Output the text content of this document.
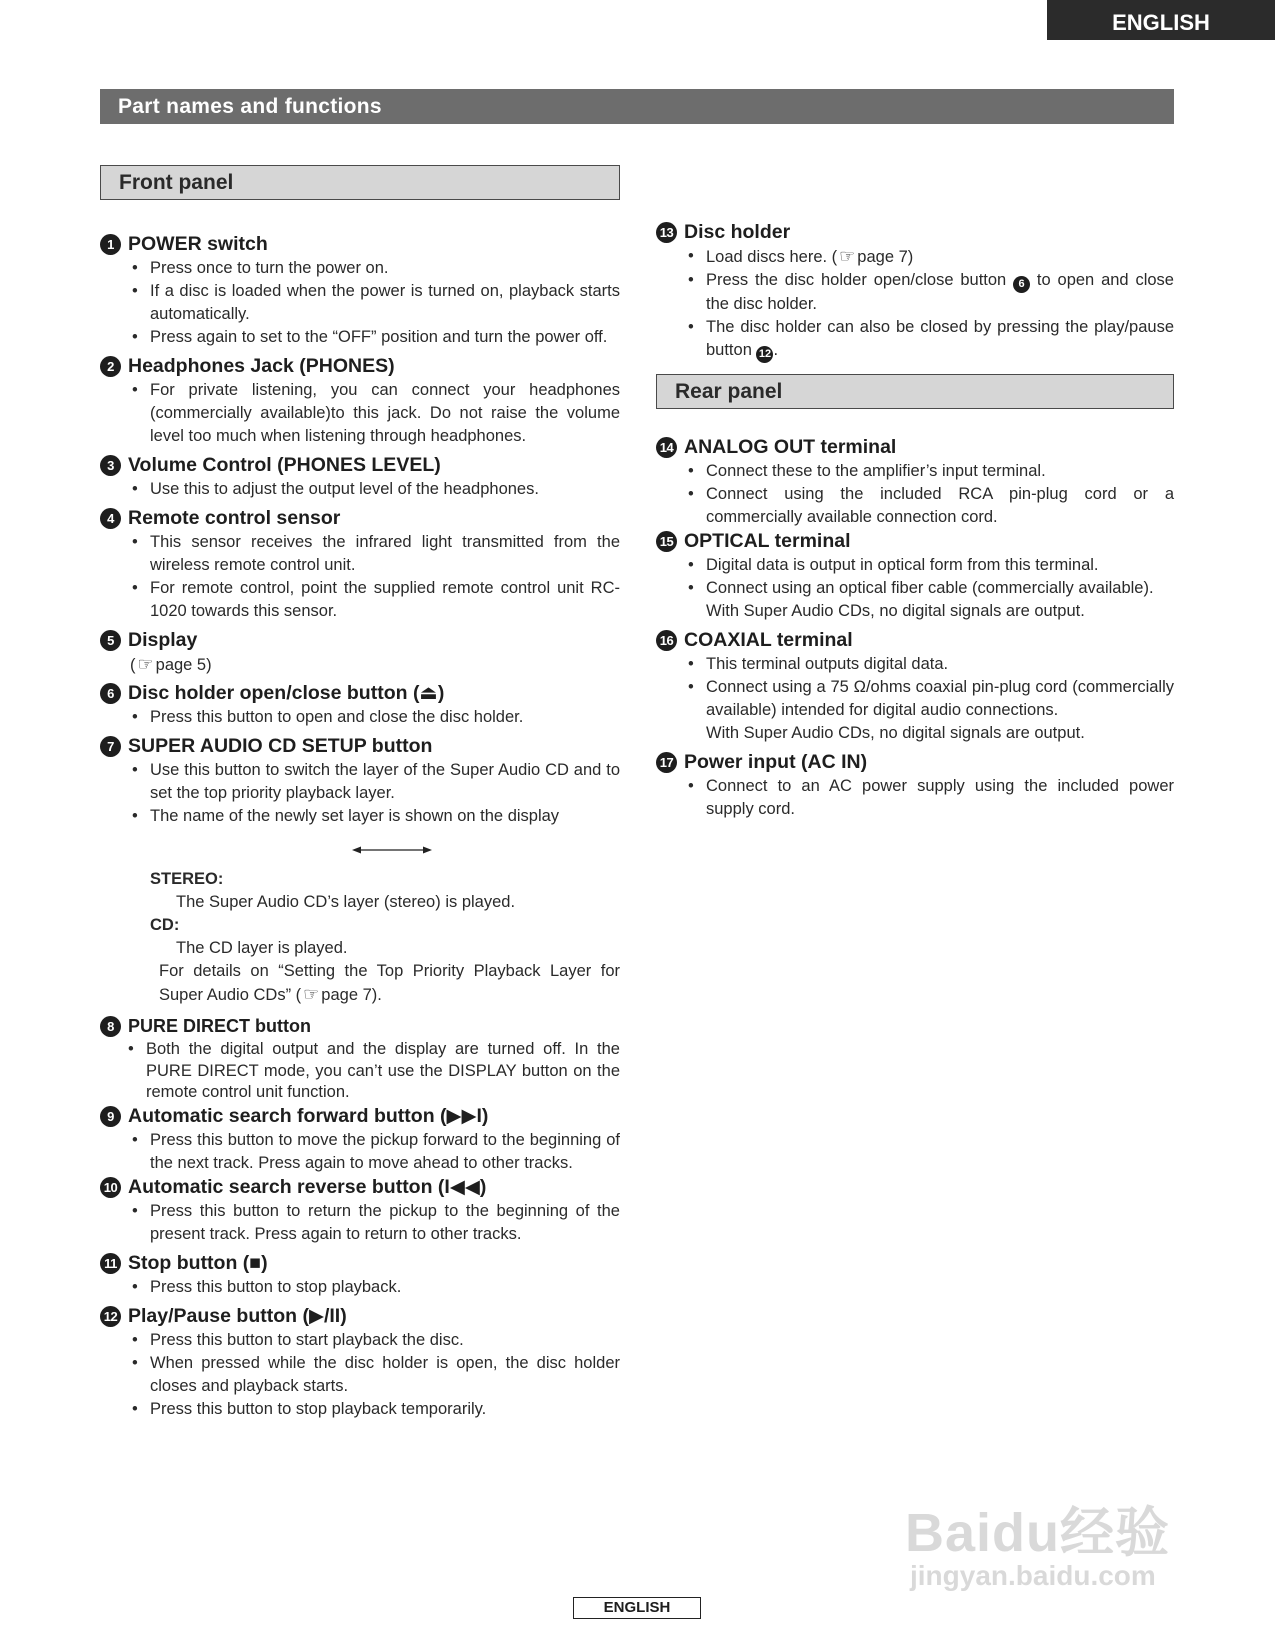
ENGLISH
Part names and functions
Front panel
1 POWER switch
• Press once to turn the power on.
• If a disc is loaded when the power is turned on, playback starts automatically.
• Press again to set to the “OFF” position and turn the power off.
2 Headphones Jack (PHONES)
• For private listening, you can connect your headphones (commercially available)to this jack. Do not raise the volume level too much when listening through headphones.
3 Volume Control (PHONES LEVEL)
• Use this to adjust the output level of the headphones.
4 Remote control sensor
• This sensor receives the infrared light transmitted from the wireless remote control unit.
• For remote control, point the supplied remote control unit RC-1020 towards this sensor.
5 Display
( ☞ page 5)
6 Disc holder open/close button (⏏)
• Press this button to open and close the disc holder.
7 SUPER AUDIO CD SETUP button
• Use this button to switch the layer of the Super Audio CD and to set the top priority playback layer.
• The name of the newly set layer is shown on the display
STEREO:
The Super Audio CD’s layer (stereo) is played.
CD:
The CD layer is played.
For details on “Setting the Top Priority Playback Layer for Super Audio CDs” ( ☞ page 7).
8 PURE DIRECT button
• Both the digital output and the display are turned off. In the PURE DIRECT mode, you can’t use the DISPLAY button on the remote control unit function.
9 Automatic search forward button (▶▶I)
• Press this button to move the pickup forward to the beginning of the next track. Press again to move ahead to other tracks.
10 Automatic search reverse button (I◀◀)
• Press this button to return the pickup to the beginning of the present track. Press again to return to other tracks.
11 Stop button (■)
• Press this button to stop playback.
12 Play/Pause button (▶/II)
• Press this button to start playback the disc.
• When pressed while the disc holder is open, the disc holder closes and playback starts.
• Press this button to stop playback temporarily.
13 Disc holder
• Load discs here. ( ☞ page 7)
• Press the disc holder open/close button 6 to open and close the disc holder.
• The disc holder can also be closed by pressing the play/pause button 12 .
Rear panel
14 ANALOG OUT terminal
• Connect these to the amplifier’s input terminal.
• Connect using the included RCA pin-plug cord or a commercially available connection cord.
15 OPTICAL terminal
• Digital data is output in optical form from this terminal.
• Connect using an optical fiber cable (commercially available).
With Super Audio CDs, no digital signals are output.
16 COAXIAL terminal
• This terminal outputs digital data.
• Connect using a 75 Ω/ohms coaxial pin-plug cord (commercially available) intended for digital audio connections.
With Super Audio CDs, no digital signals are output.
17 Power input (AC IN)
• Connect to an AC power supply using the included power supply cord.
Baidu经验
jingyan.baidu.com
ENGLISH
